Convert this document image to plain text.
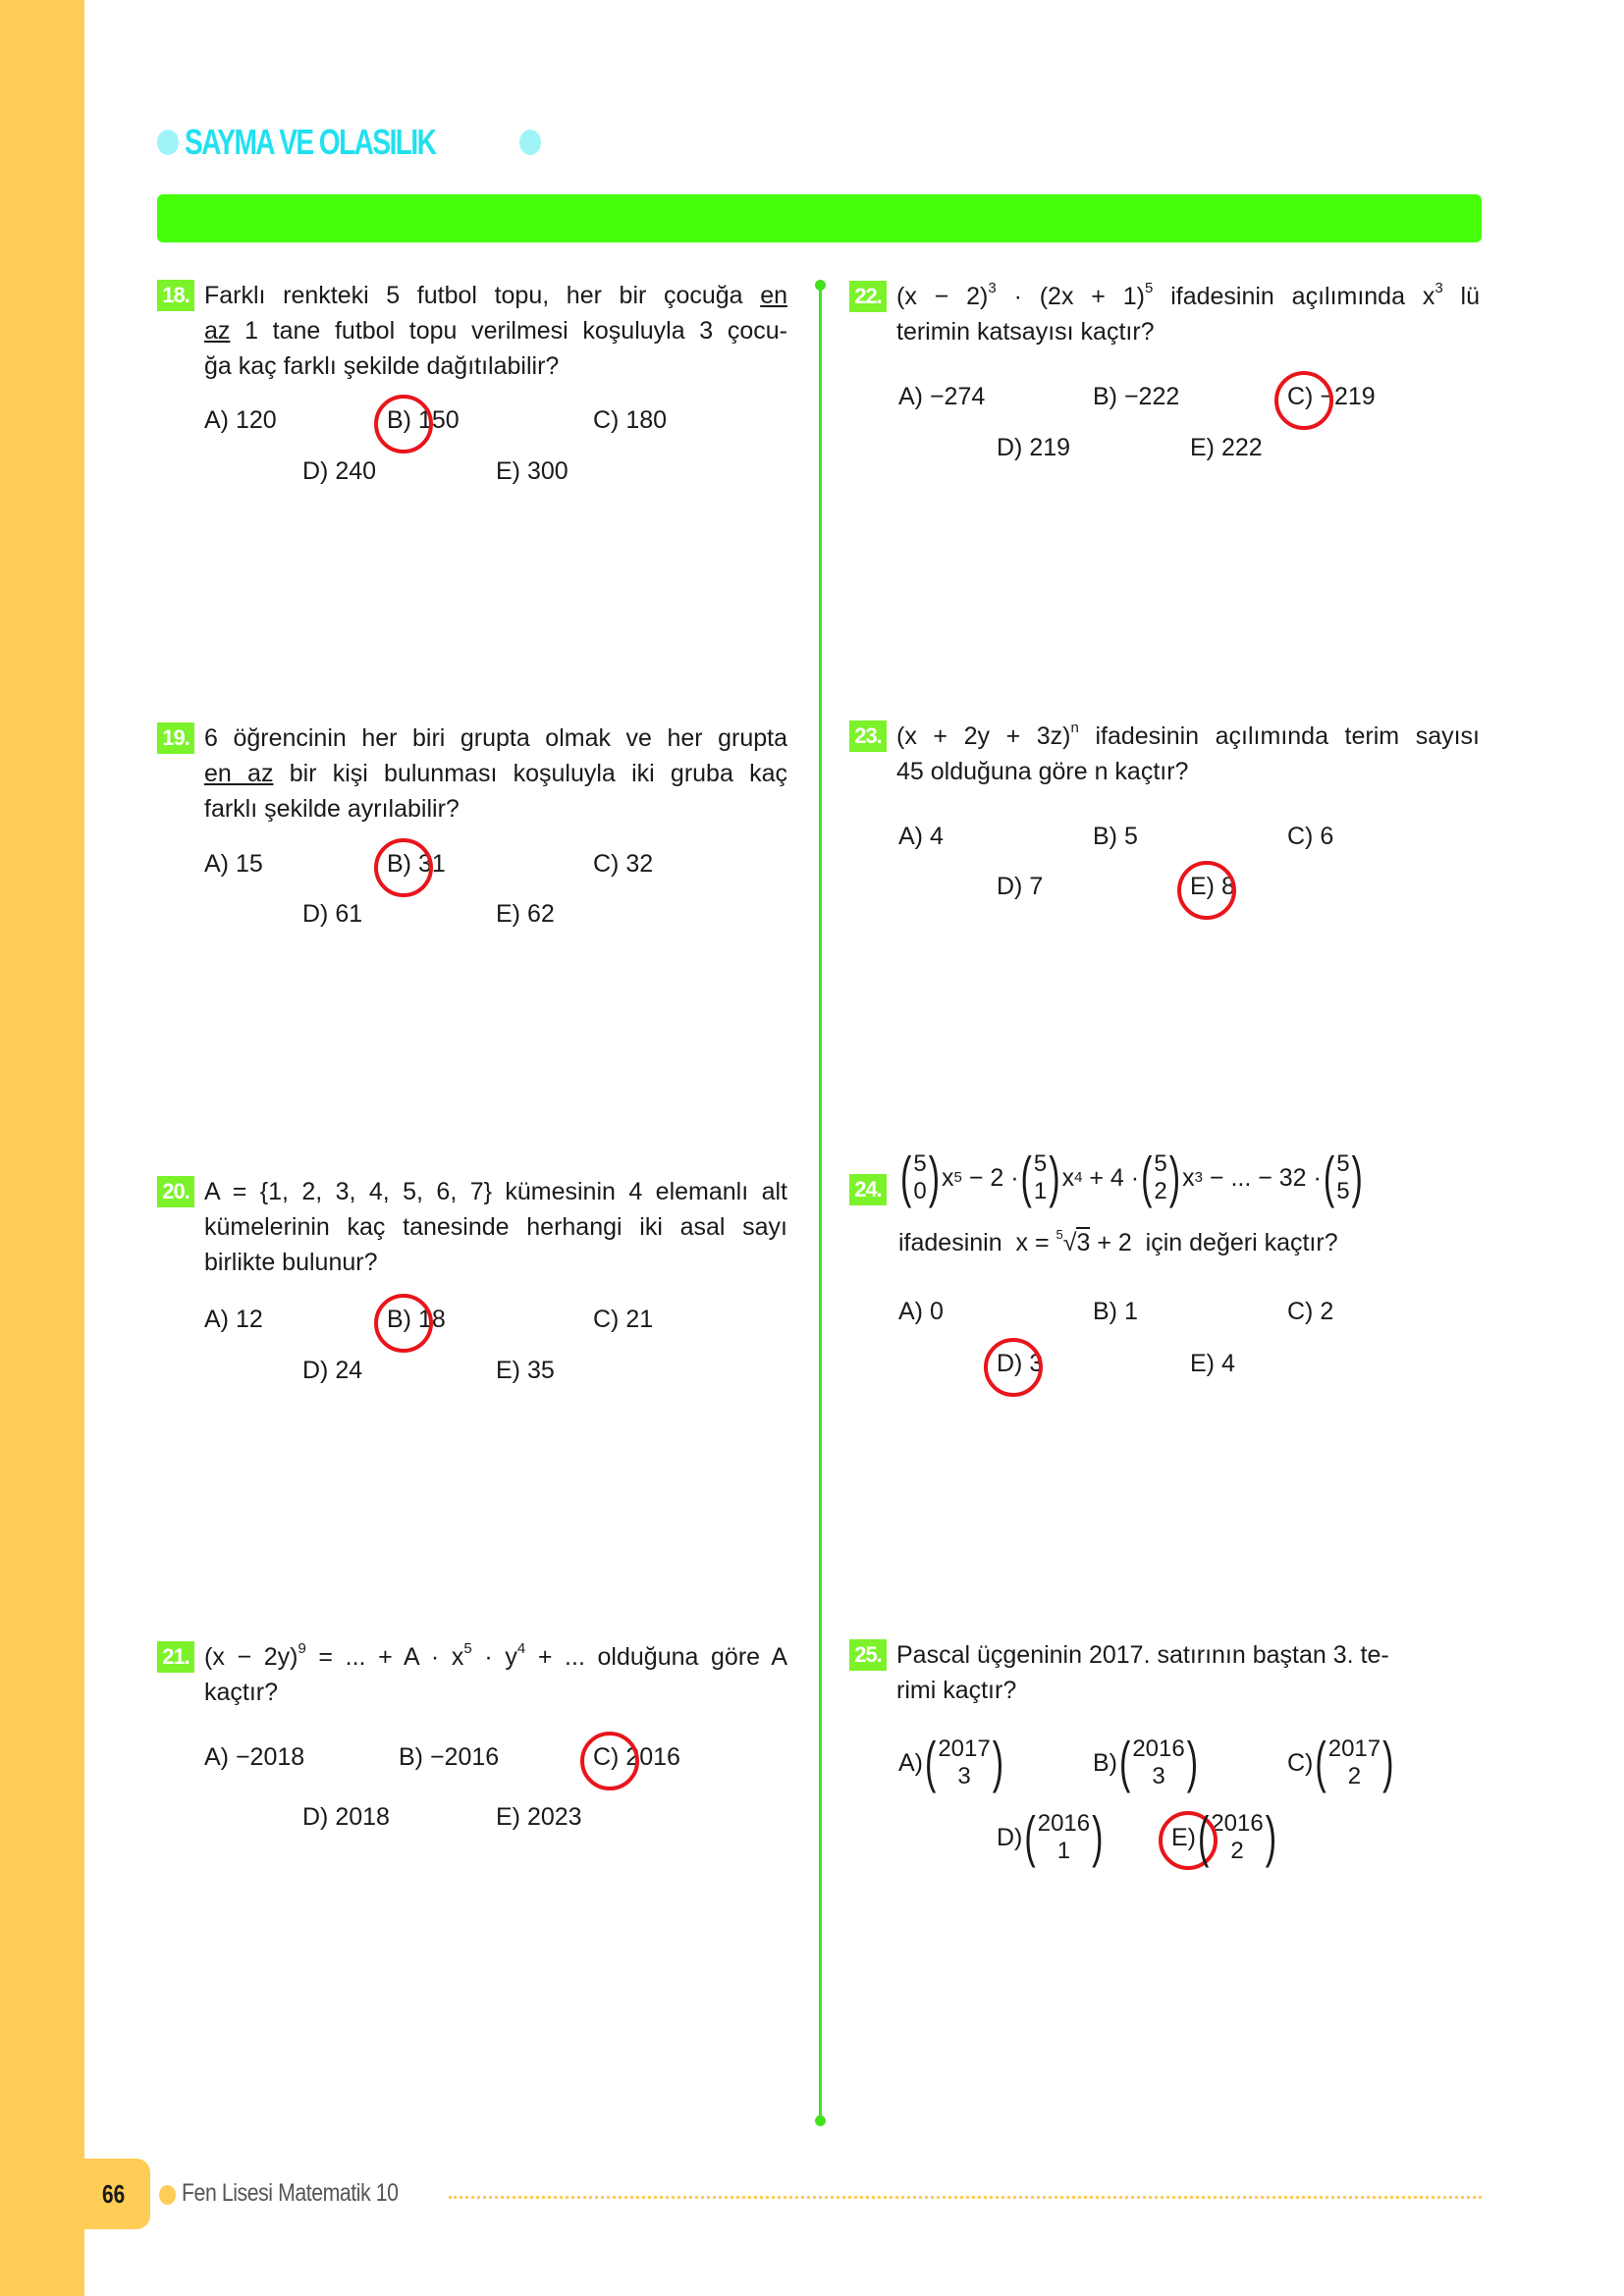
SAYMA VE OLASILIK
18. Farklı renkteki 5 futbol topu, her bir çocuğa en
az 1 tane futbol topu verilmesi koşuluyla 3 çocu-
ğa kaç farklı şekilde dağıtılabilir?
A) 120	B) 150	C) 180
D) 240	E) 300
19. 6 öğrencinin her biri grupta olmak ve her grupta
en az bir kişi bulunması koşuluyla iki gruba kaç
farklı şekilde ayrılabilir?
A) 15	B) 31	C) 32
D) 61	E) 62
20. A = {1, 2, 3, 4, 5, 6, 7} kümesinin 4 elemanlı alt
kümelerinin kaç tanesinde herhangi iki asal sayı
birlikte bulunur?
A) 12	B) 18	C) 21
D) 24	E) 35
21. $(x - 2y)^9$ = ... + $A \cdot x^5 \cdot y^4$ + ... olduğuna göre A
kaçtır?
A) −2018	B) −2016	C) 2016
D) 2018	E) 2023
22. $(x - 2)^3 \cdot (2x + 1)^5$ ifadesinin açılımında $x^3$ lü
terimin katsayısı kaçtır?
A) −274	B) −222	C) −219
D) 219	E) 222
23. $(x + 2y + 3z)^n$ ifadesinin açılımında terim sayısı
45 olduğuna göre n kaçtır?
A) 4	B) 5	C) 6
D) 7	E) 8
24. ( 5
0 ) x 5
− 2 · ( 5
1 ) x 4
+ 4 · ( 5
2 ) x 3
− ... − 32 · ( 5
5 )
ifadesinin  x = $^5$√3 + 2  için değeri kaçtır?
A) 0	B) 1	C) 2
D) 3	E) 4
25. Pascal üçgeninin 2017. satırının baştan 3. te-
rimi kaçtır?
A) ( 2017
3 )	B) ( 2016
3 )	C) ( 2017
2 )
D) ( 2016
1 )	E) ( 2016
2 )
66 Fen Lisesi Matematik 10
